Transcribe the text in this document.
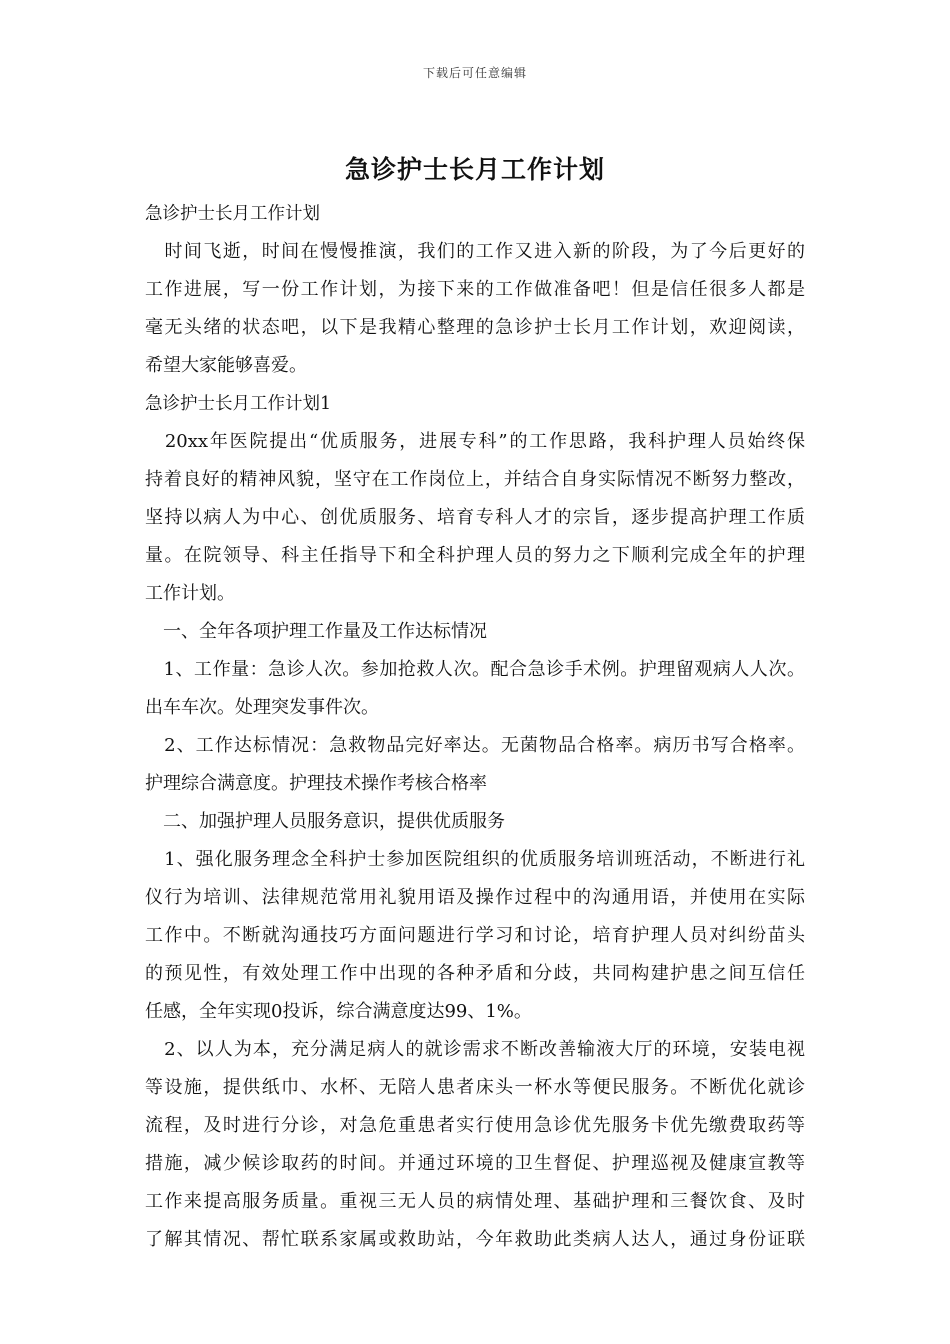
下载后可任意编辑
急诊护士长月工作计划
急诊护士长月工作计划
　时间飞逝，时间在慢慢推演，我们的工作又进入新的阶段，为了今后更好的
工作进展，写一份工作计划，为接下来的工作做准备吧！但是信任很多人都是
毫无头绪的状态吧，以下是我精心整理的急诊护士长月工作计划，欢迎阅读，
希望大家能够喜爱。
急诊护士长月工作计划1
　20xx年医院提出“优质服务，进展专科”的工作思路，我科护理人员始终保
持着良好的精神风貌，坚守在工作岗位上，并结合自身实际情况不断努力整改，
坚持以病人为中心、创优质服务、培育专科人才的宗旨，逐步提高护理工作质
量。在院领导、科主任指导下和全科护理人员的努力之下顺利完成全年的护理
工作计划。
　一、全年各项护理工作量及工作达标情况
　1、工作量：急诊人次。参加抢救人次。配合急诊手术例。护理留观病人人次。
出车车次。处理突发事件次。
　2、工作达标情况：急救物品完好率达。无菌物品合格率。病历书写合格率。
护理综合满意度。护理技术操作考核合格率
　二、加强护理人员服务意识，提供优质服务
　1、强化服务理念全科护士参加医院组织的优质服务培训班活动，不断进行礼
仪行为培训、法律规范常用礼貌用语及操作过程中的沟通用语，并使用在实际
工作中。不断就沟通技巧方面问题进行学习和讨论，培育护理人员对纠纷苗头
的预见性，有效处理工作中出现的各种矛盾和分歧，共同构建护患之间互信任
任感，全年实现0投诉，综合满意度达99、1%。
　2、以人为本，充分满足病人的就诊需求不断改善输液大厅的环境，安装电视
等设施，提供纸巾、水杯、无陪人患者床头一杯水等便民服务。不断优化就诊
流程，及时进行分诊，对急危重患者实行使用急诊优先服务卡优先缴费取药等
措施，减少候诊取药的时间。并通过环境的卫生督促、护理巡视及健康宣教等
工作来提高服务质量。重视三无人员的病情处理、基础护理和三餐饮食、及时
了解其情况、帮忙联系家属或救助站，今年救助此类病人达人，通过身份证联
